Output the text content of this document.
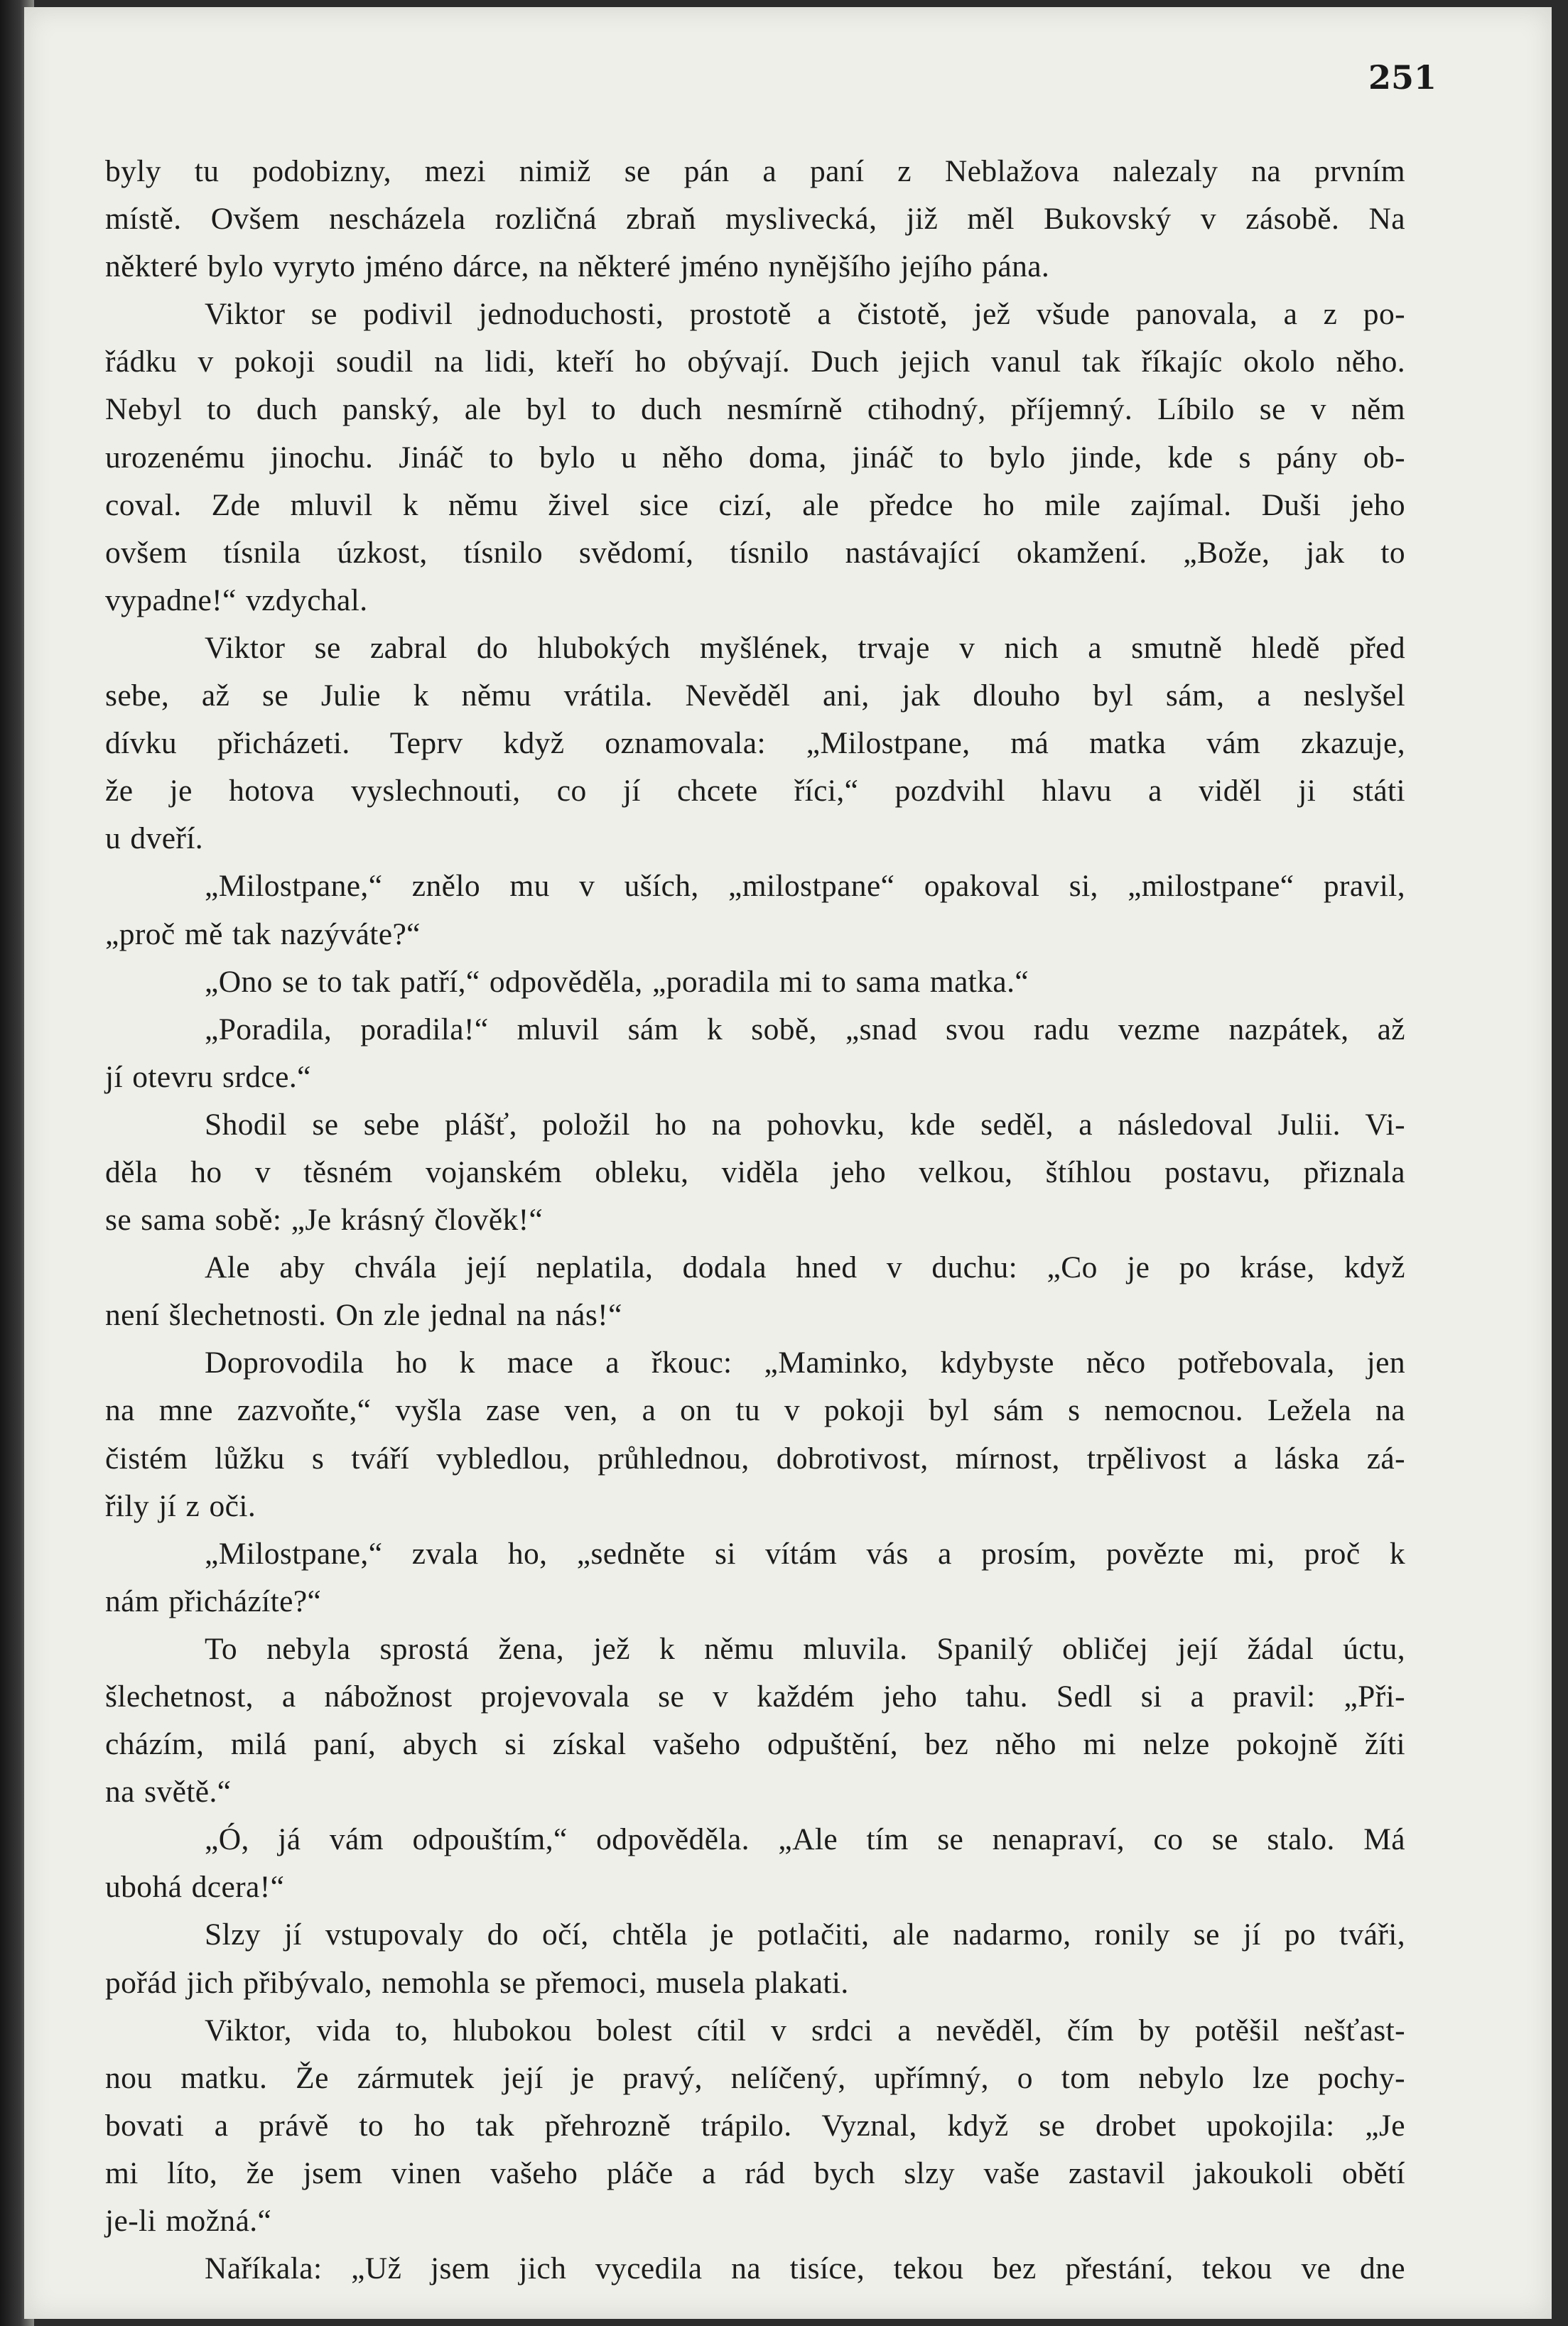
251

byly tu podobizny, mezi nimiž se pán a paní z Neblažova nalezaly na prvním
místě. Ovšem nescházela rozličná zbraň myslivecká, již měl Bukovský v zásobě. Na
některé bylo vyryto jméno dárce, na některé jméno nynějšího jejího pána.
Viktor se podivil jednoduchosti, prostotě a čistotě, jež všude panovala, a z po-
řádku v pokoji soudil na lidi, kteří ho obývají. Duch jejich vanul tak říkajíc okolo něho.
Nebyl to duch panský, ale byl to duch nesmírně ctihodný, příjemný. Líbilo se v něm
urozenému jinochu. Jináč to bylo u něho doma, jináč to bylo jinde, kde s pány ob-
coval. Zde mluvil k němu živel sice cizí, ale předce ho mile zajímal. Duši jeho
ovšem tísnila úzkost, tísnilo svědomí, tísnilo nastávající okamžení. „Bože, jak to
vypadne!“ vzdychal.
Viktor se zabral do hlubokých myšlének, trvaje v nich a smutně hledě před
sebe, až se Julie k němu vrátila. Nevěděl ani, jak dlouho byl sám, a neslyšel
dívku přicházeti. Teprv když oznamovala: „Milostpane, má matka vám zkazuje,
že je hotova vyslechnouti, co jí chcete říci,“ pozdvihl hlavu a viděl ji státi
u dveří.
„Milostpane,“ znělo mu v uších, „milostpane“ opakoval si, „milostpane“ pravil,
„proč mě tak nazýváte?“
„Ono se to tak patří,“ odpověděla, „poradila mi to sama matka.“
„Poradila, poradila!“ mluvil sám k sobě, „snad svou radu vezme nazpátek, až
jí otevru srdce.“
Shodil se sebe plášť, položil ho na pohovku, kde seděl, a následoval Julii. Vi-
děla ho v těsném vojanském obleku, viděla jeho velkou, štíhlou postavu, přiznala
se sama sobě: „Je krásný člověk!“
Ale aby chvála její neplatila, dodala hned v duchu: „Co je po kráse, když
není šlechetnosti. On zle jednal na nás!“
Doprovodila ho k mace a řkouc: „Maminko, kdybyste něco potřebovala, jen
na mne zazvoňte,“ vyšla zase ven, a on tu v pokoji byl sám s nemocnou. Ležela na
čistém lůžku s tváří vybledlou, průhlednou, dobrotivost, mírnost, trpělivost a láska zá-
řily jí z oči.
„Milostpane,“ zvala ho, „sedněte si vítám vás a prosím, povězte mi, proč k
nám přicházíte?“
To nebyla sprostá žena, jež k němu mluvila. Spanilý obličej její žádal úctu,
šlechetnost, a nábožnost projevovala se v každém jeho tahu. Sedl si a pravil: „Při-
cházím, milá paní, abych si získal vašeho odpuštění, bez něho mi nelze pokojně žíti
na světě.“
„Ó, já vám odpouštím,“ odpověděla. „Ale tím se nenapraví, co se stalo. Má
ubohá dcera!“
Slzy jí vstupovaly do očí, chtěla je potlačiti, ale nadarmo, ronily se jí po tváři,
pořád jich přibývalo, nemohla se přemoci, musela plakati.
Viktor, vida to, hlubokou bolest cítil v srdci a nevěděl, čím by potěšil nešťast-
nou matku. Že zármutek její je pravý, nelíčený, upřímný, o tom nebylo lze pochy-
bovati a právě to ho tak přehrozně trápilo. Vyznal, když se drobet upokojila: „Je
mi líto, že jsem vinen vašeho pláče a rád bych slzy vaše zastavil jakoukoli obětí
je-li možná.“
Naříkala: „Už jsem jich vycedila na tisíce, tekou bez přestání, tekou ve dne
